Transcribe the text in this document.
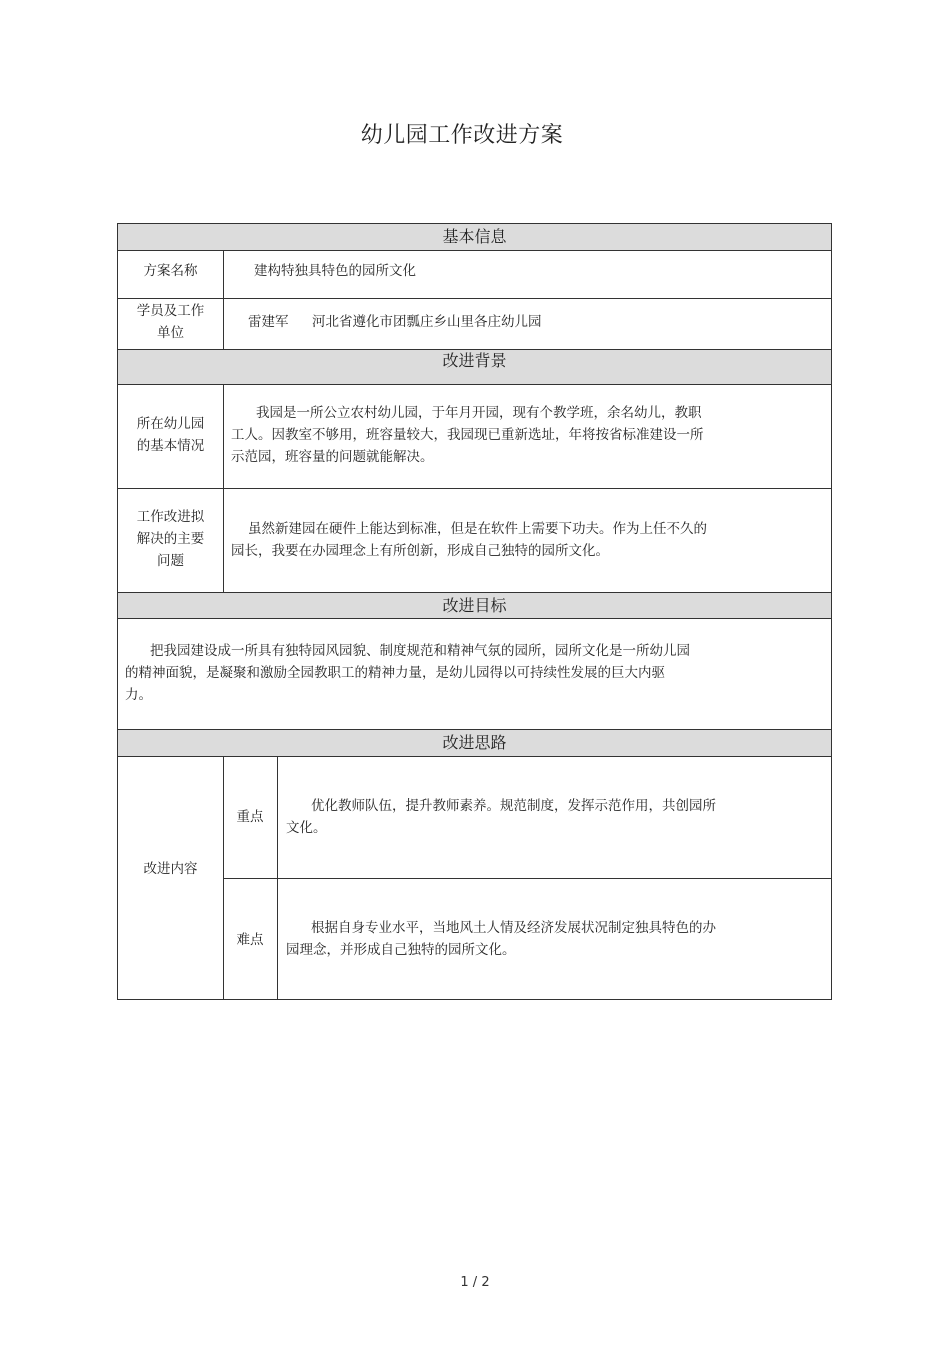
幼儿园工作改进方案
基本信息
方案名称	建构特独具特色的园所文化
学员及工作
单位
雷建军	河北省遵化市团瓢庄乡山里各庄幼儿园
改进背景
所在幼儿园
的基本情况
我园是一所公立农村幼儿园，于年月开园，现有个教学班，余名幼儿，教职
工人。因教室不够用，班容量较大，我园现已重新选址，年将按省标准建设一所
示范园，班容量的问题就能解决。
工作改进拟
解决的主要
问题
虽然新建园在硬件上能达到标准，但是在软件上需要下功夫。作为上任不久的
园长，我要在办园理念上有所创新，形成自己独特的园所文化。
改进目标
把我园建设成一所具有独特园风园貌、制度规范和精神气氛的园所，园所文化是一所幼儿园
的精神面貌，是凝聚和激励全园教职工的精神力量，是幼儿园得以可持续性发展的巨大内驱
力。
改进思路
改进内容
重点
优化教师队伍，提升教师素养。规范制度，发挥示范作用，共创园所
文化。
难点
根据自身专业水平，当地风土人情及经济发展状况制定独具特色的办
园理念，并形成自己独特的园所文化。
1 / 2
